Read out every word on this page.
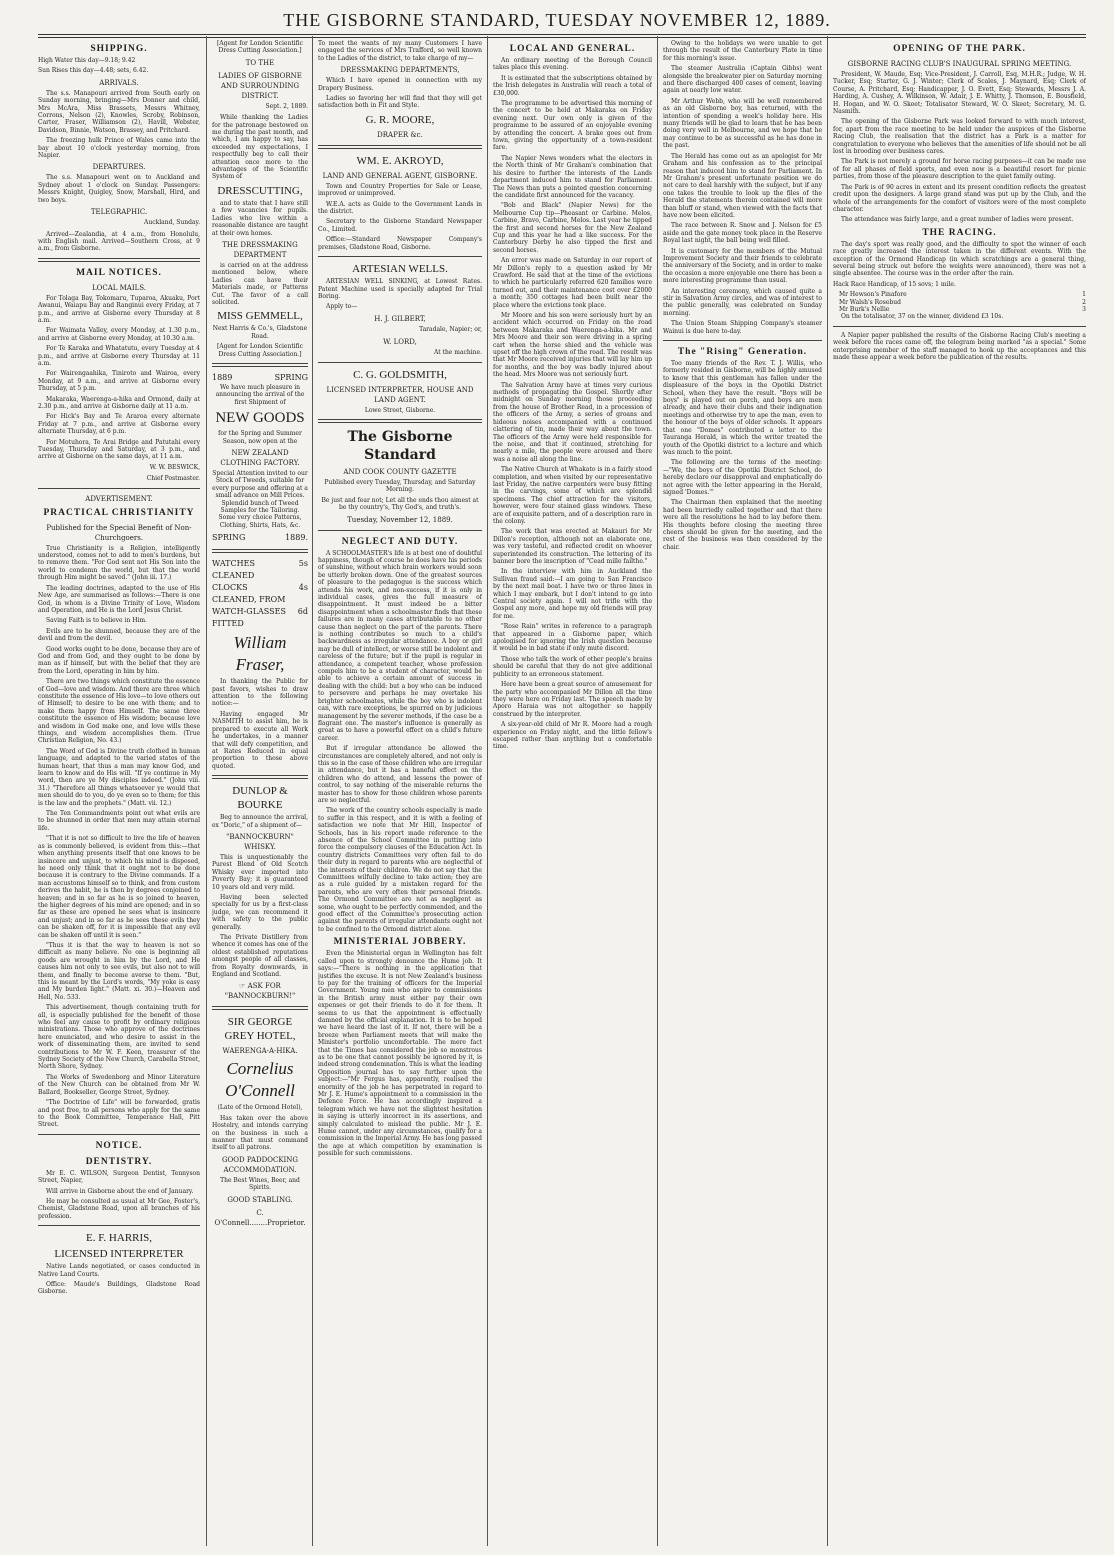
THE GISBORNE STANDARD, TUESDAY NOVEMBER 12, 1889.
SHIPPING.
High Water this day—9.18; 9.42
Sun Rises this day—4.48; sets, 6.42.
ARRIVALS.
The s.s. Manapouri arrived from South early on Sunday morning, bringing—Mrs Donner and child, Mrs McAra, Miss Brassets, Messrs Whitney, Corrons, Nelson (2), Knowles, Scroby, Robinson, Carter, Fraser, Williamson (2), Havill, Webster, Davidson, Binnie, Watson, Brassey, and Pritchard.
The freezing hulk Prince of Wales came into the bay about 10 o'clock yesterday morning, from Napier.
DEPARTURES.
The s.s. Manapouri went on to Auckland and Sydney about 1 o'clock on Sunday. Passengers: Messrs Knight, Quigley, Snow, Marshall, Hird, and two boys.
TELEGRAPHIC.
Auckland, Sunday.
Arrived—Zealandia, at 4 a.m., from Honolulu, with English mail. Arrived—Southern Cross, at 9 a.m., from Gisborne.
MAIL NOTICES.
LOCAL MAILS.
For Tolaga Bay, Tokomaru, Tuparoa, Akuaku, Port Awanui, Waiapu Bay and Ranginui every Friday, at 7 p.m., and arrive at Gisborne every Thursday at 8 a.m.
For Waimata Valley, every Monday, at 1.30 p.m., and arrive at Gisborne every Monday, at 10.30 a.m.
For Te Karaka and Whatatutu, every Tuesday at 4 p.m., and arrive at Gisborne every Thursday at 11 a.m.
For Wairengaahika, Tiniroto and Wairoa, every Monday, at 9 a.m., and arrive at Gisborne every Thursday, at 5 p.m.
Makaraka, Waerenga-a-hika and Ormond, daily at 2.30 p.m., and arrive at Gisborne daily at 11 a.m.
For Hick's Bay and Te Araroa every alternate Friday at 7 p.m., and arrive at Gisborne every alternate Thursday, at 6 p.m.
For Motuhora, Te Arai Bridge and Patutahi every Tuesday, Thursday and Saturday, at 3 p.m., and arrive at Gisborne on the same days, at 11 a.m.
W. W. BESWICK,
Chief Postmaster.
ADVERTISEMENT.
PRACTICAL CHRISTIANITY
Published for the Special Benefit of Non-Churchgoers.
True Christianity is a Religion, intelligently understood, comes not to add to men's burdens, but to remove them. "For God sent not His Son into the world to condemn the world, but that the world through Him might be saved." (John iii. 17.)
The leading doctrines, adapted to the use of His New Age, are summarised as follows:—There is one God, in whom is a Divine Trinity of Love, Wisdom and Operation, and He is the Lord Jesus Christ.
Saving Faith is to believe in Him.
Evils are to be shunned, because they are of the devil and from the devil.
Good works ought to be done, because they are of God and from God, and they ought to be done by man as if himself, but with the belief that they are from the Lord, operating in him by him.
There are two things which constitute the essence of God—love and wisdom. And there are three which constitute the essence of His love—to love others out of Himself; to desire to be one with them; and to make them happy from Himself. The same three constitute the essence of His wisdom; because love and wisdom in God make one, and love wills these things, and wisdom accomplishes them. (True Christian Religion, No. 43.)
The Word of God is Divine truth clothed in human language, and adapted to the varied states of the human heart, that thus a man may know God, and learn to know and do His will. "If ye continue in My word, then are ye My disciples indeed." (John viii. 31.) "Therefore all things whatsoever ye would that men should do to you, do ye even so to them; for this is the law and the prophets." (Matt. vii. 12.)
The Ten Commandments point out what evils are to be shunned in order that men may attain eternal life.
"That it is not so difficult to live the life of heaven as is commonly believed, is evident from this:—that when anything presents itself that one knows to be insincere and unjust, to which his mind is disposed, he need only think that it ought not to be done because it is contrary to the Divine commands. If a man accustoms himself so to think, and from custom derives the habit, he is then by degrees conjoined to heaven; and in so far as he is so joined to heaven, the higher degrees of his mind are opened; and in so far as these are opened he sees what is insincere and unjust; and in so far as he sees these evils they can be shaken off, for it is impossible that any evil can be shaken off until it is seen."
"Thus it is that the way to heaven is not so difficult as many believe. No one is beginning all goods are wrought in him by the Lord, and He causes him not only to see evils, but also not to will them, and finally to become averse to them. "But, this is meant by the Lord's words, "My yoke is easy and My burden light." (Matt. xi. 30.)—Heaven and Hell, No. 533.
This advertisement, though containing truth for all, is especially published for the benefit of those who feel any cause to profit by ordinary religious ministrations. Those who approve of the doctrines here enunciated, and who desire to assist in the work of disseminating them, are invited to send contributions to Mr W. F. Keen, treasurer of the Sydney Society of the New Church, Carabella Street, North Shore, Sydney.
The Works of Swedenborg and Minor Literature of the New Church can be obtained from Mr W. Ballard, Bookseller, George Street, Sydney.
"The Doctrine of Life" will be forwarded, gratis and post free, to all persons who apply for the same to the Book Committee, Temperance Hall, Pitt Street.
NOTICE.
DENTISTRY.
Mr E. C. WILSON, Surgeon Dentist, Tennyson Street, Napier,
Will arrive in Gisborne about the end of January.
He may be consulted as usual at Mr Gee, Foster's, Chemist, Gladstone Road, upon all branches of his profession.
E. F. HARRIS,
LICENSED INTERPRETER
Native Lands negotiated, or cases conducted in Native Land Courts.
Office: Maude's Buildings, Gladstone Road Gisborne.
[Agent for London Scientific Dress Cutting Association.]
TO THE
LADIES OF GISBORNE AND SURROUNDING DISTRICT.
Sept. 2, 1889.
While thanking the Ladies for the patronage bestowed on me during the past month, and which, I am happy to say, has exceeded my expectations, I respectfully beg to call their attention once more to the advantages of the Scientific System of
DRESSCUTTING,
and to state that I have still a few vacancies for pupils. Ladies who live within a reasonable distance are taught at their own homes.
THE DRESSMAKING DEPARTMENT
is carried on at the address mentioned below, where Ladies can have their Materials made, or Patterns Cut. The favor of a call solicited.
MISS GEMMELL,
Next Harris & Co.'s, Gladstone Road.
[Agent for London Scientific Dress Cutting Association.]
1889	SPRING
We have much pleasure in announcing the arrival of the first Shipment of
NEW GOODS
for the Spring and Summer Season, now open at the
NEW ZEALAND CLOTHING FACTORY.
Special Attention invited to our Stock of Tweeds, suitable for every purpose and offering at a small advance on Mill Prices. Splendid bunch of Tweed Samples for the Tailoring. Some very choice Patterns, Clothing, Shirts, Hats, &c.
SPRING	1889.
WATCHES CLEANED
5s
CLOCKS CLEANED, FROM
4s
WATCH-GLASSES FITTED
6d
William Fraser,
In thanking the Public for past favors, wishes to draw attention to the following notice:—
Having engaged Mr NASMITH to assist him, he is prepared to execute all Work he undertakes, in a manner that will defy competition, and at Rates Reduced in equal proportion to those above quoted.
DUNLOP & BOURKE
Beg to announce the arrival, ex "Doric," of a shipment of—
"BANNOCKBURN" WHISKY.
This is unquestionably the Purest Blend of Old Scotch Whisky ever imported into Poverty Bay; it is guaranteed 10 years old and very mild.
Having been selected specially for us by a first-class judge, we can recommend it with safety to the public generally.
The Private Distillery from whence it comes has one of the oldest established reputations amongst people of all classes, from Royalty downwards, in England and Scotland.
☞ ASK FOR "BANNOCKBURN!"
SIR GEORGE GREY HOTEL,
WAERENGA-A-HIKA.
Cornelius O'Connell
(Late of the Ormond Hotel),
Has taken over the above Hostelry, and intends carrying on the business in such a manner that must command itself to all patrons.
GOOD PADDOCKING ACCOMMODATION.
The Best Wines, Beer, and Spirits.
GOOD STABLING.
C. O'Connell........Proprietor.
To meet the wants of my many Customers I have engaged the services of Mrs Trafford, so well known to the Ladies of the district, to take charge of my—
DRESSMAKING DEPARTMENTS,
Which I have opened in connection with my Drapery Business.
Ladies so favoring her will find that they will get satisfaction both in Fit and Style.
G. R. MOORE,
DRAPER &c.
WM. E. AKROYD,
LAND AND GENERAL AGENT, GISBORNE.
Town and Country Properties for Sale or Lease, improved or unimproved.
W.E.A. acts as Guide to the Government Lands in the district.
Secretary to the Gisborne Standard Newspaper Co., Limited.
Office:—Standard Newspaper Company's premises, Gladstone Road, Gisborne.
ARTESIAN WELLS.
ARTESIAN WELL SINKING, at Lowest Rates. Patent Machine used is specially adapted for Trial Boring.
Apply to—
H. J. GILBERT,
Taradale, Napier; or,
W. LORD,
At the machine.
C. G. GOLDSMITH,
LICENSED INTERPRETER, HOUSE AND LAND AGENT.
Lowe Street, Gisborne.
The Gisborne Standard
AND COOK COUNTY GAZETTE
Published every Tuesday, Thursday, and Saturday Morning.
Be just and fear not; Let all the ends thou aimest at be thy country's, Thy God's, and truth's.
Tuesday, November 12, 1889.
NEGLECT AND DUTY.
A SCHOOLMASTER's life is at best one of doubtful happiness, though of course he does have his periods of sunshine, without which brain workers would soon be utterly broken down. One of the greatest sources of pleasure to the pedagogue is the success which attends his work, and non-success, if it is only in individual cases, gives the full measure of disappointment. It must indeed be a bitter disappointment when a schoolmaster finds that these failures are in many cases attributable to no other cause than neglect on the part of the parents. There is nothing contributes so much to a child's backwardness as irregular attendance. A boy or girl may be dull of intellect, or worse still be indolent and careless of the future; but if the pupil is regular in attendance, a competent teacher, whose profession compels him to be a student of character, would be able to achieve a certain amount of success in dealing with the child: but a boy who can be induced to persevere and perhaps he may overtake his brighter schoolmates, while the boy who is indolent can, with rare exceptions, be spurred on by judicious management by the severer methods, if the case be a flagrant one. The master's influence is generally as great as to have a powerful effect on a child's future career.
But if irregular attendance be allowed the circumstances are completely altered, and not only is this so in the case of those children who are irregular in attendance, but it has a baneful effect on the children who do attend, and lessens the power of control, to say nothing of the miserable returns the master has to show for those children whose parents are so neglectful.
The work of the country schools especially is made to suffer in this respect, and it is with a feeling of satisfaction we note that Mr Hill, Inspector of Schools, has in his report made reference to the absence of the School Committee in putting into force the compulsory clauses of the Education Act. In country districts Committees very often fail to do their duty in regard to parents who are neglectful of the interests of their children. We do not say that the Committees wilfully decline to take action; they are as a rule guided by a mistaken regard for the parents, who are very often their personal friends. The Ormond Committee are not as negligent as some, who ought to be perfectly commended, and the good effect of the Committee's prosecuting action against the parents of irregular attendants ought not to be confined to the Ormond district alone.
MINISTERIAL JOBBERY.
Even the Ministerial organ in Wellington has felt called upon to strongly denounce the Hume job. It says:—"There is nothing in the application that justifies the excuse. It is not New Zealand's business to pay for the training of officers for the Imperial Government. Young men who aspire to commissions in the British army must either pay their own expenses or get their friends to do it for them. It seems to us that the appointment is effectually damned by the official explanation. It is to be hoped we have heard the last of it. If not, there will be a breeze when Parliament meets that will make the Minister's portfolio uncomfortable. The mere fact that the Times has considered the job so monstrous as to be one that cannot possibly be ignored by it, is indeed strong condemnation. This is what the leading Opposition journal has to say further upon the subject:—"Mr Fergus has, apparently, realised the enormity of the job he has perpetrated in regard to Mr J. E. Hume's appointment to a commission in the Defence Force. He has accordingly inspired a telegram which we have not the slightest hesitation in saying is utterly incorrect in its assertions, and simply calculated to mislead the public. Mr J. E. Hume cannot, under any circumstances, qualify for a commission in the Imperial Army. He has long passed the age at which competition by examination is possible for such commissions.
LOCAL AND GENERAL.
An ordinary meeting of the Borough Council takes place this evening.
It is estimated that the subscriptions obtained by the Irish delegates in Australia will reach a total of £30,000.
The programme to be advertised this morning of the concert to be held at Makaraka on Friday evening next. Our own only is given of the programme to be assured of an enjoyable evening by attending the concert. A brake goes out from town, giving the opportunity of a town-resident fare.
The Napier News wonders what the electors in the North think of Mr Graham's combination that his desire to further the interests of the Lands department induced him to stand for Parliament. The News than puts a pointed question concerning the candidate first announced for the vacancy.
"Bob and Black" (Napier News) for the Melbourne Cup tip—Pheasant or Carbine. Melos, Carbine, Bravo, Carbine, Melos. Last year he tipped the first and second horses for the New Zealand Cup and this year he had a like success. For the Canterbury Derby he also tipped the first and second horses.
An error was made on Saturday in our report of Mr Dillon's reply to a question asked by Mr Crawford. He said that at the time of the evictions to which he particularly referred 620 families were turned out, and their maintenance cost over £2000 a month; 350 cottages had been built near the place where the evictions took place.
Mr Moore and his son were seriously hurt by an accident which occurred on Friday on the road between Makaraka and Waerenga-a-hika. Mr and Mrs Moore and their son were driving in a spring cart when the horse shied and the vehicle was upset off the high crown of the road. The result was that Mr Moore received injuries that will lay him up for months, and the boy was badly injured about the head. Mrs Moore was not seriously hurt.
The Salvation Army have at times very curious methods of propagating the Gospel. Shortly after midnight on Sunday morning those proceeding from the house of Brother Read, in a procession of the officers of the Army, a series of groans and hideous noises accompanied with a continued clattering of tin, made their way about the town. The officers of the Army were held responsible for the noise, and that it continued, stretching for nearly a mile, the people were aroused and there was a noise all along the line.
The Native Church at Whakato is in a fairly stood completion, and when visited by our representative last Friday, the native carpenters were busy fitting in the carvings, some of which are splendid specimens. The chief attraction for the visitors, however, were four stained glass windows. These are of exquisite pattern, and of a description rare in the colony.
The work that was erected at Makauri for Mr Dillon's reception, although not an elaborate one, was very tasteful, and reflected credit on whoever superintended its construction. The lettering of its banner bore the inscription of "Cead mille failthe."
In the interview with him in Auckland the Sullivan fraud said:—I am going to San Francisco by the next mail boat. I have two or three lines in which I may embark, but I don't intend to go into Central society again. I will not trifle with the Gospel any more, and hope my old friends will pray for me.
"Rose Rain" writes in reference to a paragraph that appeared in a Gisborne paper, which apologised for ignoring the Irish question because it would be in bad state if only mute discord.
Those who talk the work of other people's brains should be careful that they do not give additional publicity to an erroneous statement.
Here have been a great source of amusement for the party who accompanied Mr Dillon all the time they were here on Friday last. The speech made by Aporo Haraia was not altogether so happily construed by the interpreter.
A six-year-old child of Mr R. Moore had a rough experience on Friday night, and the little fellow's escaped rather than anything but a comfortable time.
Owing to the holidays we were unable to get through the result of the Canterbury Plate in time for this morning's issue.
The steamer Australia (Captain Gibbs) went alongside the breakwater pier on Saturday morning and there discharged 400 cases of cement, leaving again at nearly low water.
Mr Arthur Webb, who will be well remembered as an old Gisborne boy, has returned, with the intention of spending a week's holiday here. His many friends will be glad to learn that he has been doing very well in Melbourne, and we hope that he may continue to be as successful as he has done in the past.
The Herald has come out as an apologist for Mr Graham and his confession as to the principal reason that induced him to stand for Parliament. In Mr Graham's present unfortunate position we do not care to deal harshly with the subject, but if any one takes the trouble to look up the files of the Herald the statements therein contained will more than bluff or stand, when viewed with the facts that have now been elicited.
The race between R. Snow and J. Nelson for £5 aside and the gate money took place in the Reserve Royal last night, the ball being well filled.
It is customary for the members of the Mutual Improvement Society and their friends to celebrate the anniversary of the Society, and in order to make the occasion a more enjoyable one there has been a more interesting programme than usual.
An interesting ceremony, which caused quite a stir in Salvation Army circles, and was of interest to the public generally, was celebrated on Sunday morning.
The Union Steam Shipping Company's steamer Wainui is due here to-day.
The "Rising" Generation.
Too many friends of the Rev. T. J. Willis, who formerly resided in Gisborne, will be highly amused to know that this gentleman has fallen under the displeasure of the boys in the Opotiki District School, when they have the result. "Boys will be boys" is played out on porch, and boys are men already, and have their clubs and their indignation meetings and otherwise try to ape the man, even to the honour of the boys of older schools. It appears that one "Domes" contributed a letter to the Tauranga Herald, in which the writer treated the youth of the Opotiki district to a lecture and which was much to the point.
The following are the terms of the meeting:—"We, the boys of the Opotiki District School, do hereby declare our disapproval and emphatically do not agree with the letter appearing in the Herald, signed 'Domes.'"
The Chairman then explained that the meeting had been hurriedly called together and that there were all the resolutions he had to lay before them. His thoughts before closing the meeting three cheers should be given for the meeting, and the rest of the business was then considered by the chair.
OPENING OF THE PARK.
GISBORNE RACING CLUB'S INAUGURAL SPRING MEETING.
President, W. Maude, Esq; Vice-President, J. Carroll, Esq, M.H.R.; Judge, W. H. Tucker, Esq; Starter, G. J. Winter; Clerk of Scales, J. Maynard, Esq; Clerk of Course, A. Pritchard, Esq; Handicapper, J. O. Evett, Esq; Stewards, Messrs J. A. Harding, A. Cushey, A. Wilkinson, W. Adair, J. E. Whitty, J. Thomson, E. Bousfield, H. Hogan, and W. O. Skeet; Totalisator Steward, W. O. Skeet; Secretary, M. G. Nasmith.
The opening of the Gisborne Park was looked forward to with much interest, for, apart from the race meeting to be held under the auspices of the Gisborne Racing Club, the realisation that the district has a Park is a matter for congratulation to everyone who believes that the amenities of life should not be all lost in brooding over business cares.
The Park is not merely a ground for horse racing purposes—it can be made use of for all phases of field sports, and even now is a beautiful resort for picnic parties, from those of the pleasure description to the quiet family outing.
The Park is of 90 acres in extent and its present condition reflects the greatest credit upon the designers. A large grand stand was put up by the Club, and the whole of the arrangements for the comfort of visitors were of the most complete character.
The attendance was fairly large, and a great number of ladies were present.
THE RACING.
The day's sport was really good, and the difficulty to spot the winner of each race greatly increased the interest taken in the different events. With the exception of the Ormond Handicap (in which scratchings are a general thing, several being struck out before the weights were announced), there was not a single absentee. The course was in the order after the rain.
Hack Race Handicap, of 15 sovs; 1 mile.
Mr Hewson's Pinafore	1
Mr Walsh's Rosebud	2
Mr Burk's Nellie	3
On the totalisator, 37 on the winner, dividend £3 10s.
A Napier paper published the results of the Gisborne Racing Club's meeting a week before the races came off, the telegram being marked "as a special." Some enterprising member of the staff managed to hook up the acceptances and this made these appear a week before the publication of the results.
